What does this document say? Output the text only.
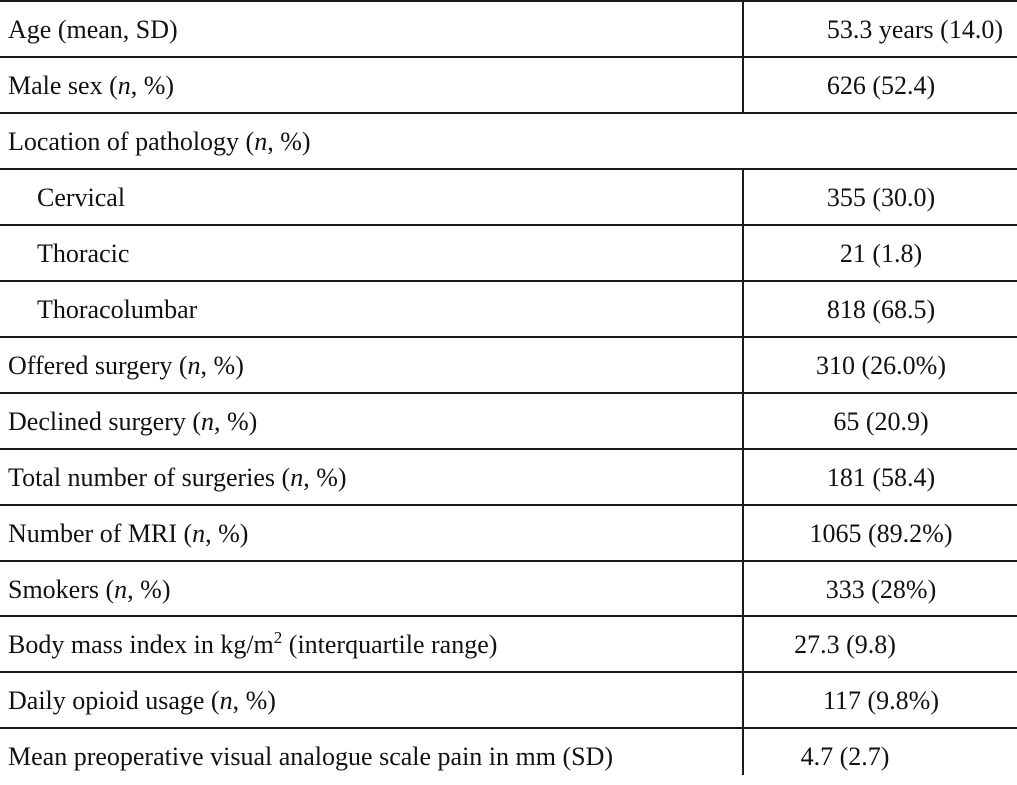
Age (mean, SD)	53.3 years (14.0)
Male sex (n, %)	626 (52.4)
Location of pathology (n, %)
Cervical	355 (30.0)
Thoracic	21 (1.8)
Thoracolumbar	818 (68.5)
Offered surgery (n, %)	310 (26.0%)
Declined surgery (n, %)	65 (20.9)
Total number of surgeries (n, %)	181 (58.4)
Number of MRI (n, %)	1065 (89.2%)
Smokers (n, %)	333 (28%)
Body mass index in $kg/m^2$ (interquartile range)	27.3 (9.8)
Daily opioid usage (n, %)	117 (9.8%)
Mean preoperative visual analogue scale pain in mm (SD)	4.7 (2.7)
